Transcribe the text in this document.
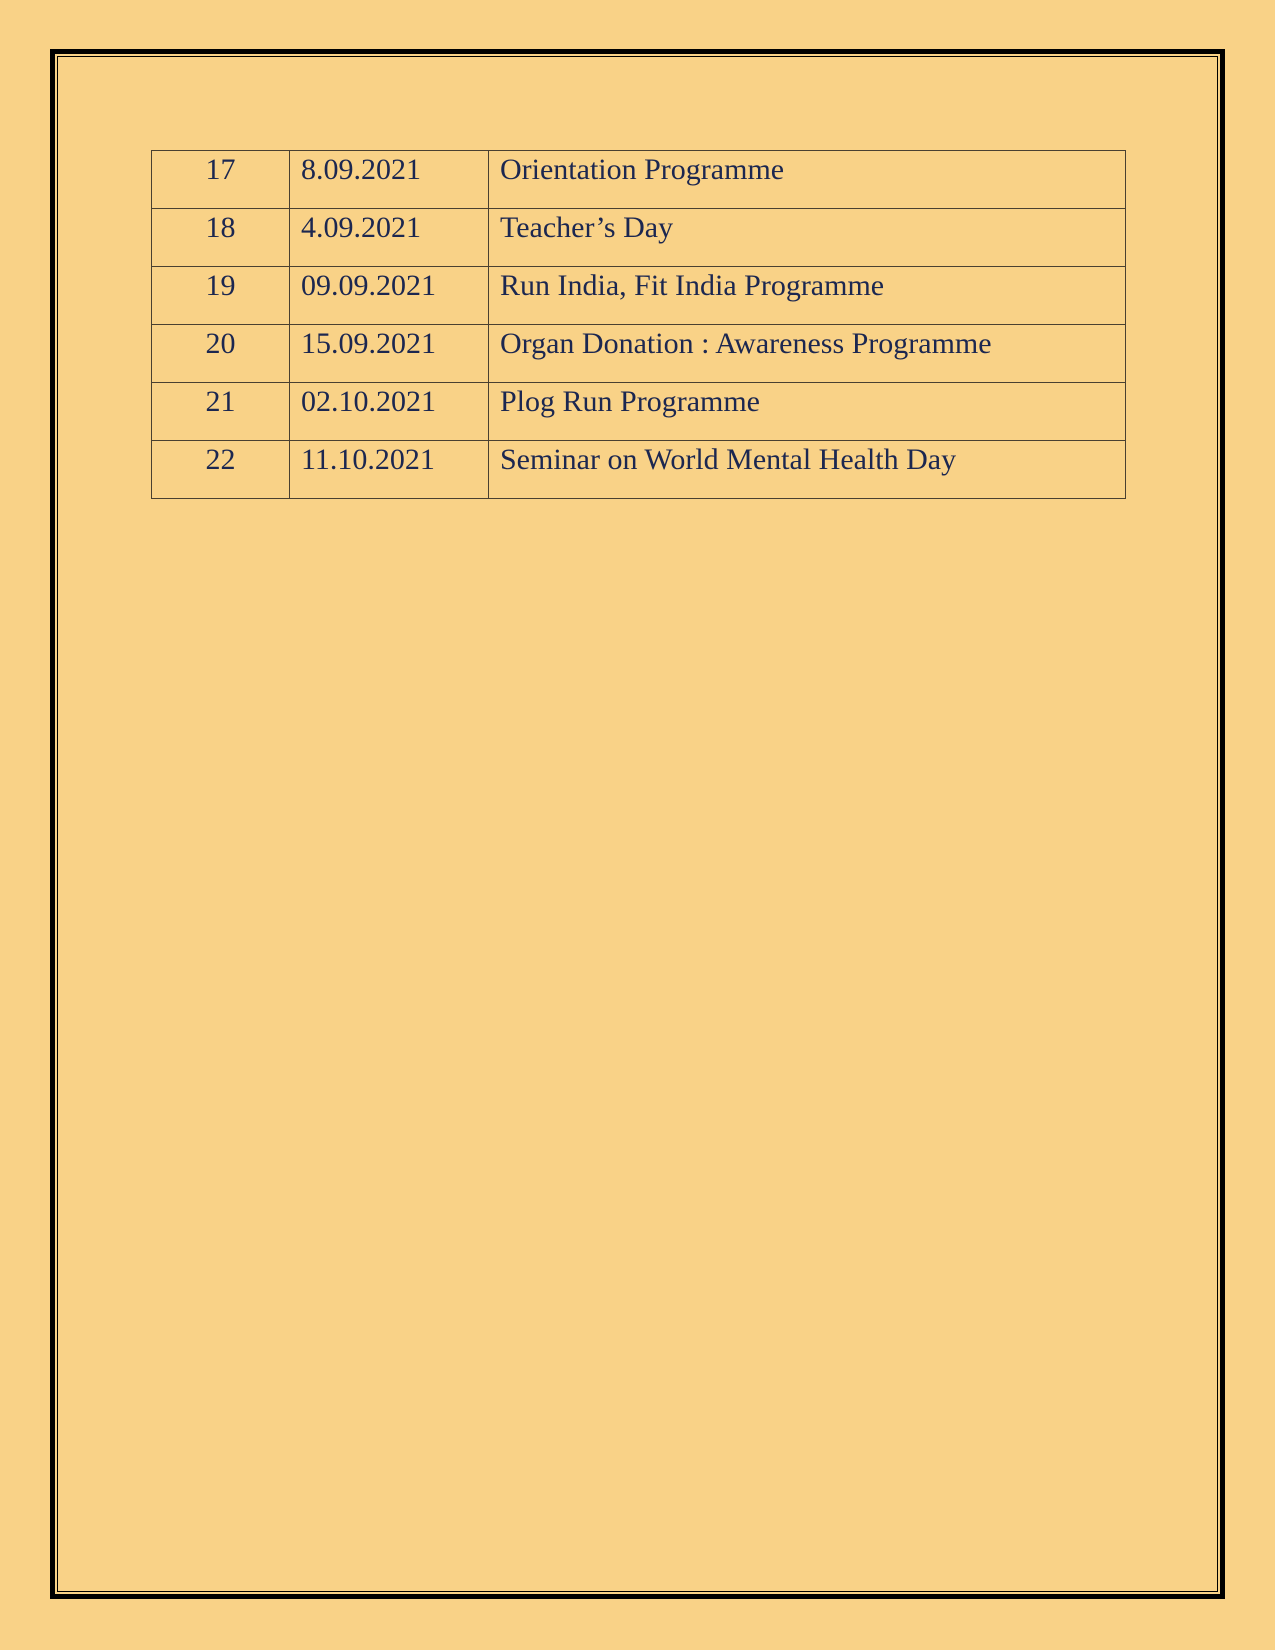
17	8.09.2021	Orientation Programme
18	4.09.2021	Teacher’s Day
19	09.09.2021	Run India, Fit India Programme
20	15.09.2021	Organ Donation : Awareness Programme
21	02.10.2021	Plog Run Programme
22	11.10.2021	Seminar on World Mental Health Day
